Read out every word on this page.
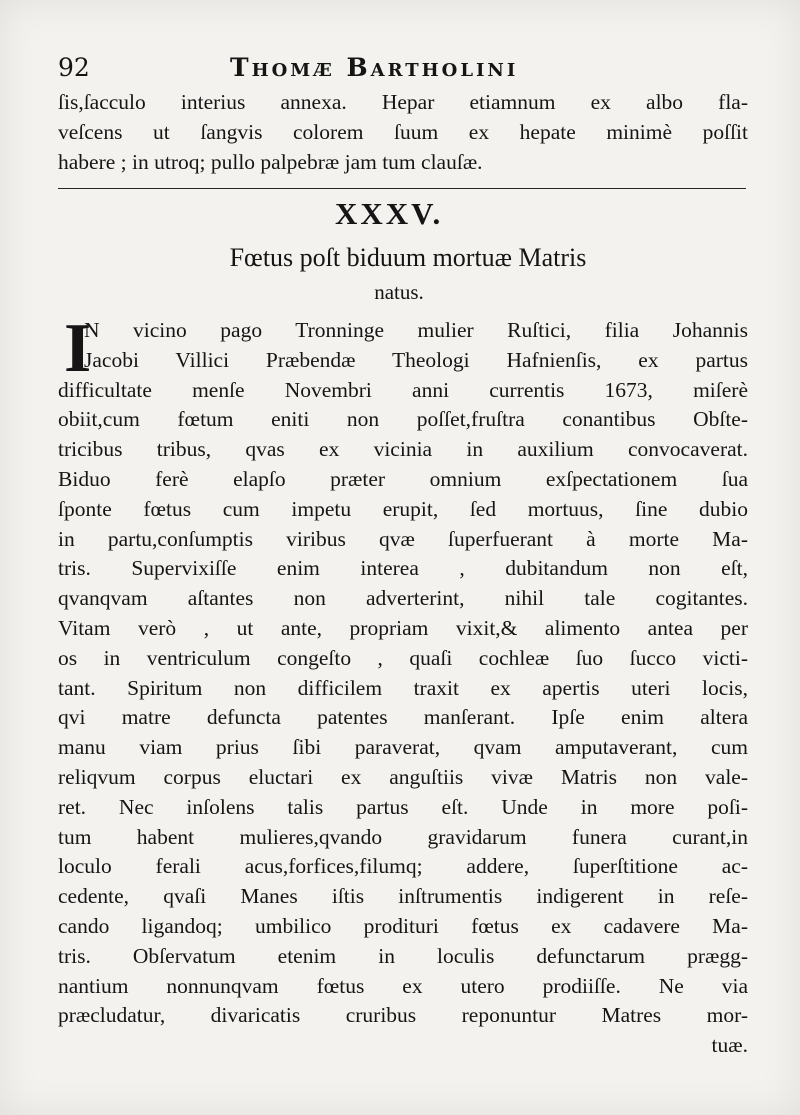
92	Thomæ Bartholini
ſis,ſacculo interius annexa. Hepar etiamnum ex albo fla-
veſcens ut ſangvis colorem ſuum ex hepate minimè poſſit
habere ; in utroq; pullo palpebræ jam tum clauſæ.
XXXV.
Fœtus poſt biduum mortuæ Matris
natus.
I
N vicino pago Tronninge mulier Ruſtici, filia Johannis
Jacobi Villici Præbendæ Theologi Hafnienſis, ex partus
difficultate menſe Novembri anni currentis 1673, miſerè
obiit,cum fœtum eniti non poſſet,fruſtra conantibus Obſte-
tricibus tribus, qvas ex vicinia in auxilium convocaverat.
Biduo ferè elapſo præter omnium exſpectationem ſua
ſponte fœtus cum impetu erupit, ſed mortuus, ſine dubio
in partu,conſumptis viribus qvæ ſuperfuerant à morte Ma-
tris. Supervixiſſe enim interea , dubitandum non eſt,
qvanqvam aſtantes non adverterint, nihil tale cogitantes.
Vitam verò , ut ante, propriam vixit,& alimento antea per
os in ventriculum congeſto , quaſi cochleæ ſuo ſucco victi-
tant. Spiritum non difficilem traxit ex apertis uteri locis,
qvi matre defuncta patentes manſerant. Ipſe enim altera
manu viam prius ſibi paraverat, qvam amputaverant, cum
reliqvum corpus eluctari ex anguſtiis vivæ Matris non vale-
ret. Nec inſolens talis partus eſt. Unde in more poſi-
tum habent mulieres,qvando gravidarum funera curant,in
loculo ferali acus,forfices,filumq; addere, ſuperſtitione ac-
cedente, qvaſi Manes iſtis inſtrumentis indigerent in reſe-
cando ligandoq; umbilico prodituri fœtus ex cadavere Ma-
tris. Obſervatum etenim in loculis defunctarum prægg-
nantium nonnunqvam fœtus ex utero prodiiſſe. Ne via
præcludatur, divaricatis cruribus reponuntur Matres mor-
tuæ.
